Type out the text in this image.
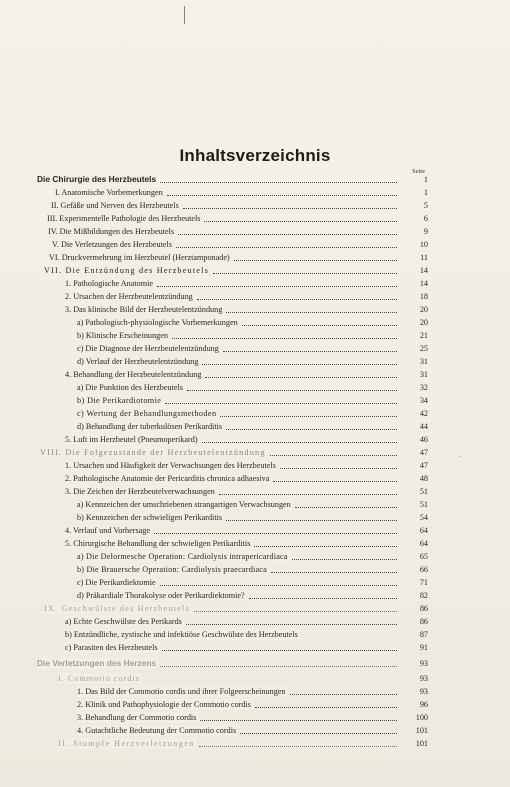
Inhaltsverzeichnis
Seite
Die Chirurgie des Herzbeutels	1
I. Anatomische Vorbemerkungen	1
II. Gefäße und Nerven des Herzbeutels	5
III. Experimentelle Pathologie des Herzbeutels	6
IV. Die Mißbildungen des Herzbeutels	9
V. Die Verletzungen des Herzbeutels	10
VI. Druckvermehrung im Herzbeutel (Herztamponade)	11
VII. Die Entzündung des Herzbeutels	14
1. Pathologische Anatomie	14
2. Ursachen der Herzbeutelentzündung	18
3. Das klinische Bild der Herzbeutelentzündung	20
a) Pathologisch-physiologische Vorbemerkungen	20
b) Klinische Erscheinungen	21
c) Die Diagnose der Herzbeutelentzündung	25
d) Verlauf der Herzbeutelentzündung	31
4. Behandlung der Herzbeutelentzündung	31
a) Die Punktion des Herzbeutels	32
b) Die Perikardiotomie	34
c) Wertung der Behandlungsmethoden	42
d) Behandlung der tuberkulösen Perikarditis	44
5. Luft im Herzbeutel (Pneumoperikard)	46
VIII. Die Folgezustände der Herzbeutelentzündung	47
1. Ursachen und Häufigkeit der Verwachsungen des Herzbeutels	47
2. Pathologische Anatomie der Pericarditis chronica adhaesiva	48
3. Die Zeichen der Herzbeutelverwachsungen	51
a) Kennzeichen der umschriebenen strangartigen Verwachsungen	51
b) Kennzeichen der schwieligen Perikarditis	54
4. Verlauf und Vorhersage	64
5. Chirurgische Behandlung der schwieligen Perikarditis	64
a) Die Delormesche Operation: Cardiolysis intrapericardiaca	65
b) Die Brauersche Operation: Cardiolysis praecardiaca	66
c) Die Perikardiektomie	71
d) Präkardiale Thorakolyse oder Perikardiektomie?	82
IX. Geschwülste des Herzbeutels	86
a) Echte Geschwülste des Perikards	86
b) Entzündliche, zystische und infektiöse Geschwülste des Herzbeutels	87
c) Parasiten des Herzbeutels	91
Die Verletzungen des Herzens	93
I. Commotio cordis	93
1. Das Bild der Commotio cordis und ihrer Folgeerscheinungen	93
2. Klinik und Pathophysiologie der Commotio cordis	96
3. Behandlung der Commotio cordis	100
4. Gutachtliche Bedeutung der Commotio cordis	101
II. Stumpfe Herzverletzungen	101
·
